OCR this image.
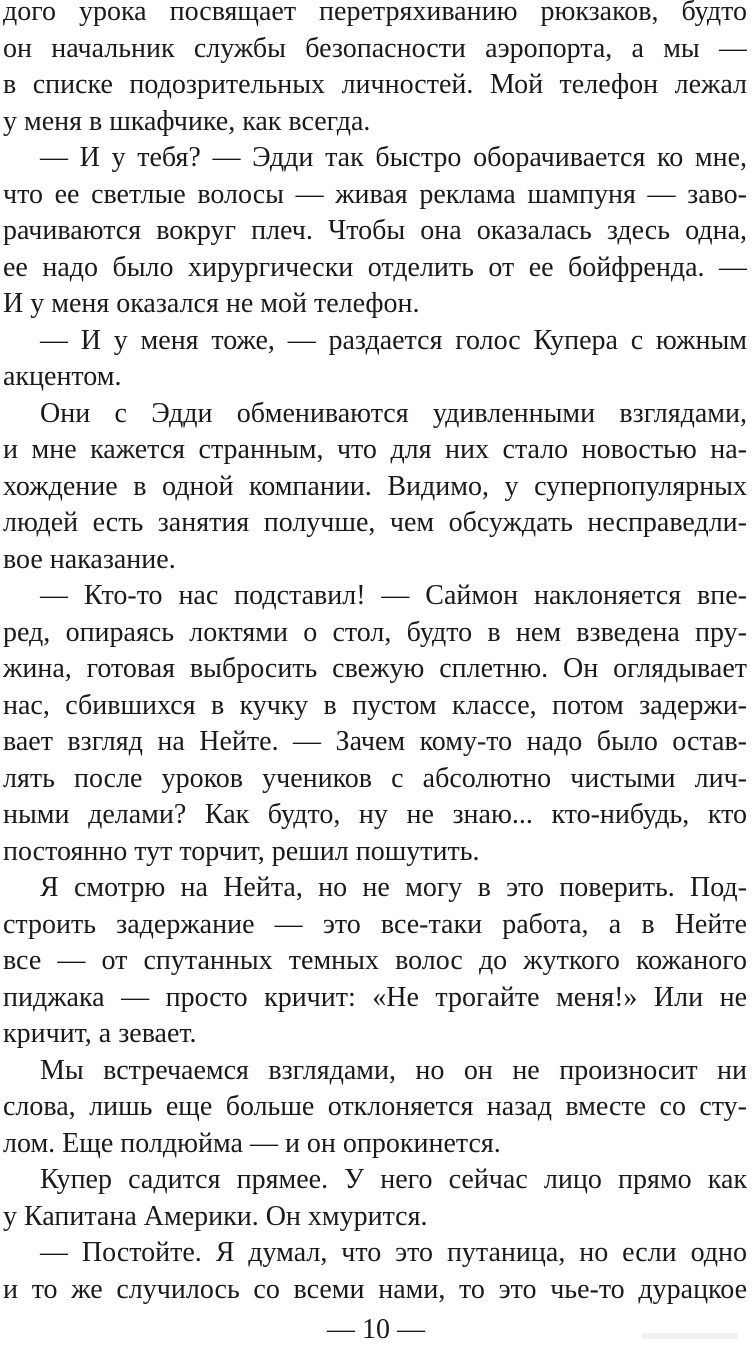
дого урока посвящает перетряхиванию рюкзаков, будто
он начальник службы безопасности аэропорта, а мы —
в списке подозрительных личностей. Мой телефон лежал
у меня в шкафчике, как всегда.
— И у тебя? — Эдди так быстро оборачивается ко мне,
что ее светлые волосы — живая реклама шампуня — заво-
рачиваются вокруг плеч. Чтобы она оказалась здесь одна,
ее надо было хирургически отделить от ее бойфренда. —
И у меня оказался не мой телефон.
— И у меня тоже, — раздается голос Купера с южным
акцентом.
Они с Эдди обмениваются удивленными взглядами,
и мне кажется странным, что для них стало новостью на-
хождение в одной компании. Видимо, у суперпопулярных
людей есть занятия получше, чем обсуждать несправедли-
вое наказание.
— Кто-то нас подставил! — Саймон наклоняется впе-
ред, опираясь локтями о стол, будто в нем взведена пру-
жина, готовая выбросить свежую сплетню. Он оглядывает
нас, сбившихся в кучку в пустом классе, потом задержи-
вает взгляд на Нейте. — Зачем кому-то надо было остав-
лять после уроков учеников с абсолютно чистыми лич-
ными делами? Как будто, ну не знаю... кто-нибудь, кто
постоянно тут торчит, решил пошутить.
Я смотрю на Нейта, но не могу в это поверить. Под-
строить задержание — это все-таки работа, а в Нейте
все — от спутанных темных волос до жуткого кожаного
пиджака — просто кричит: «Не трогайте меня!» Или не
кричит, а зевает.
Мы встречаемся взглядами, но он не произносит ни
слова, лишь еще больше отклоняется назад вместе со сту-
лом. Еще полдюйма — и он опрокинется.
Купер садится прямее. У него сейчас лицо прямо как
у Капитана Америки. Он хмурится.
— Постойте. Я думал, что это путаница, но если одно
и то же случилось со всеми нами, то это чье-то дурацкое
— 10 —
